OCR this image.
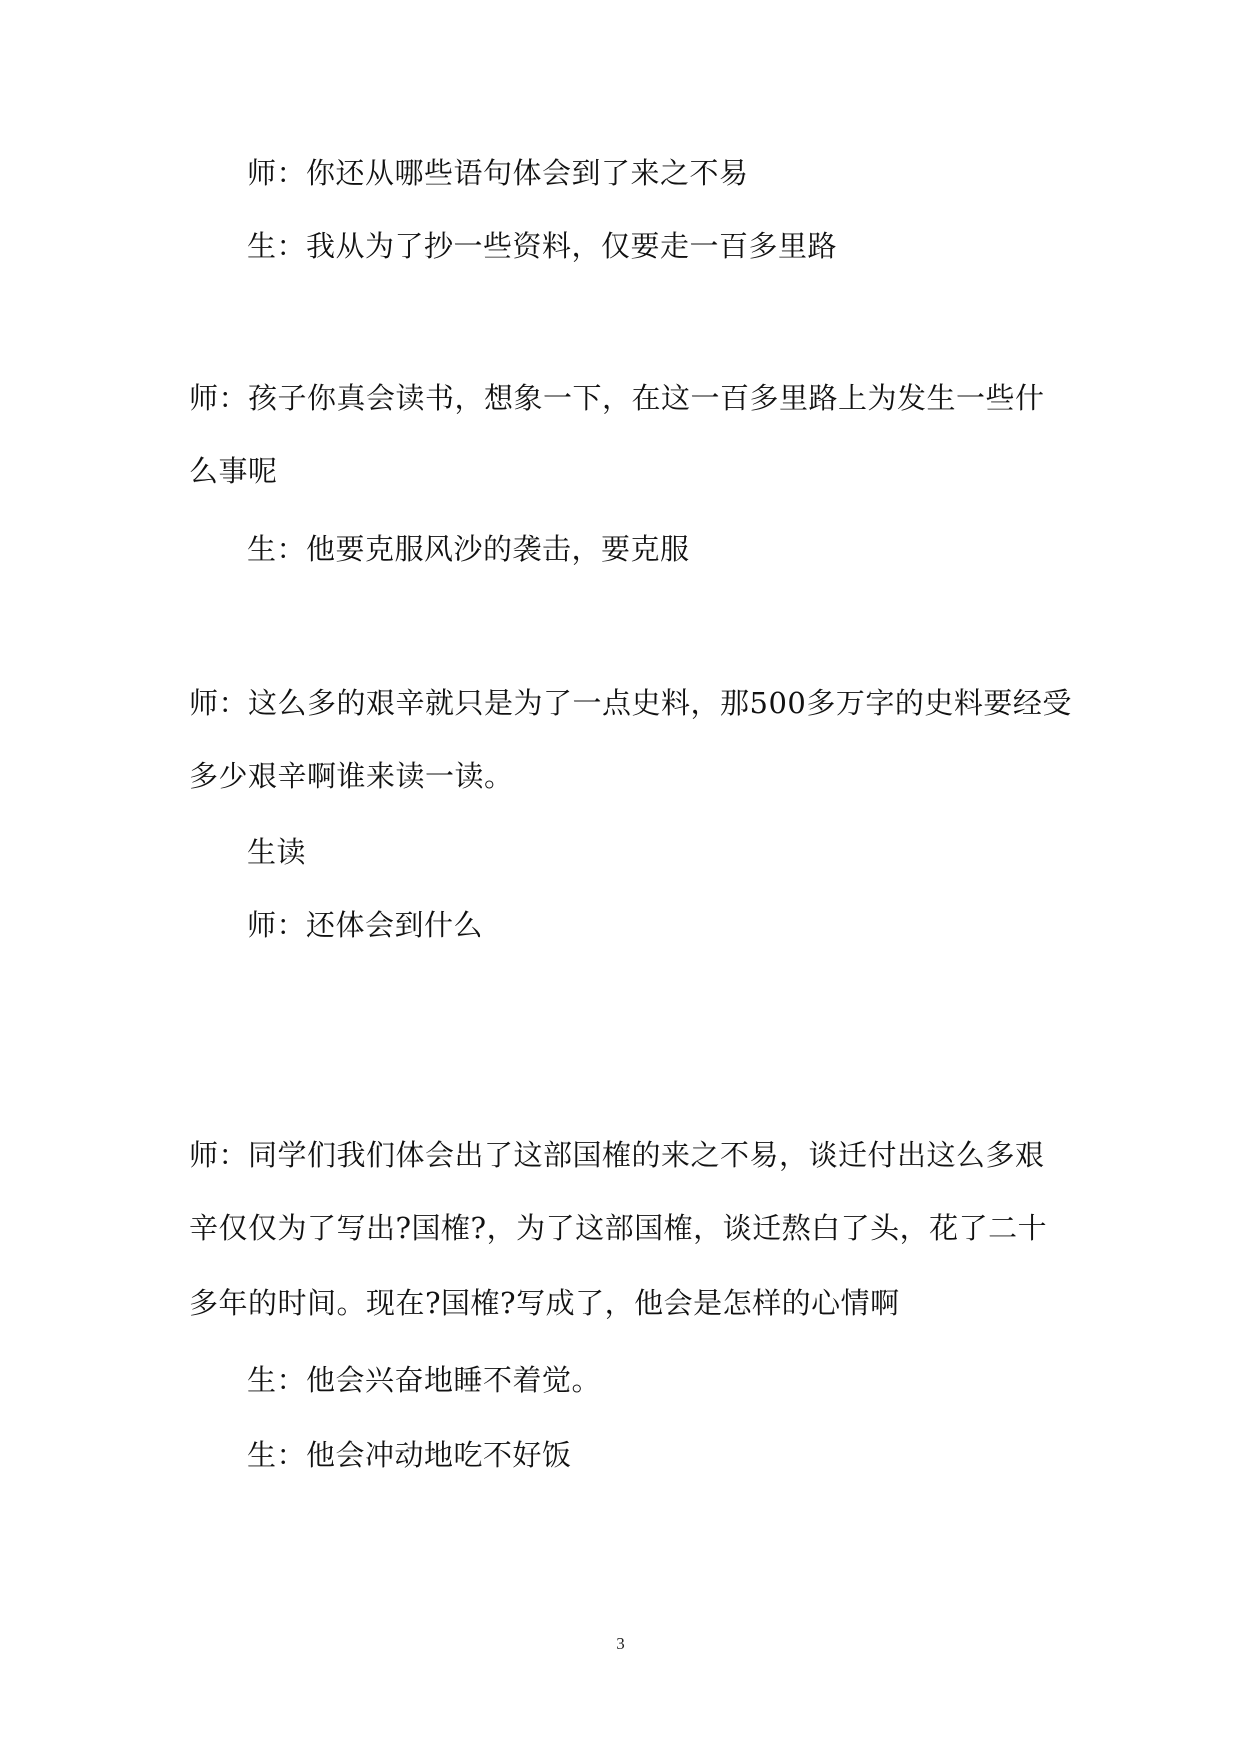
师：你还从哪些语句体会到了来之不易
生：我从为了抄一些资料，仅要走一百多里路
师：孩子你真会读书，想象一下，在这一百多里路上为发生一些什
么事呢
生：他要克服风沙的袭击，要克服
师：这么多的艰辛就只是为了一点史料，那500多万字的史料要经受
多少艰辛啊谁来读一读。
生读
师：还体会到什么
师：同学们我们体会出了这部国榷的来之不易，谈迁付出这么多艰
辛仅仅为了写出?国榷?，为了这部国榷，谈迁熬白了头，花了二十
多年的时间。现在?国榷?写成了，他会是怎样的心情啊
生：他会兴奋地睡不着觉。
生：他会冲动地吃不好饭
3
